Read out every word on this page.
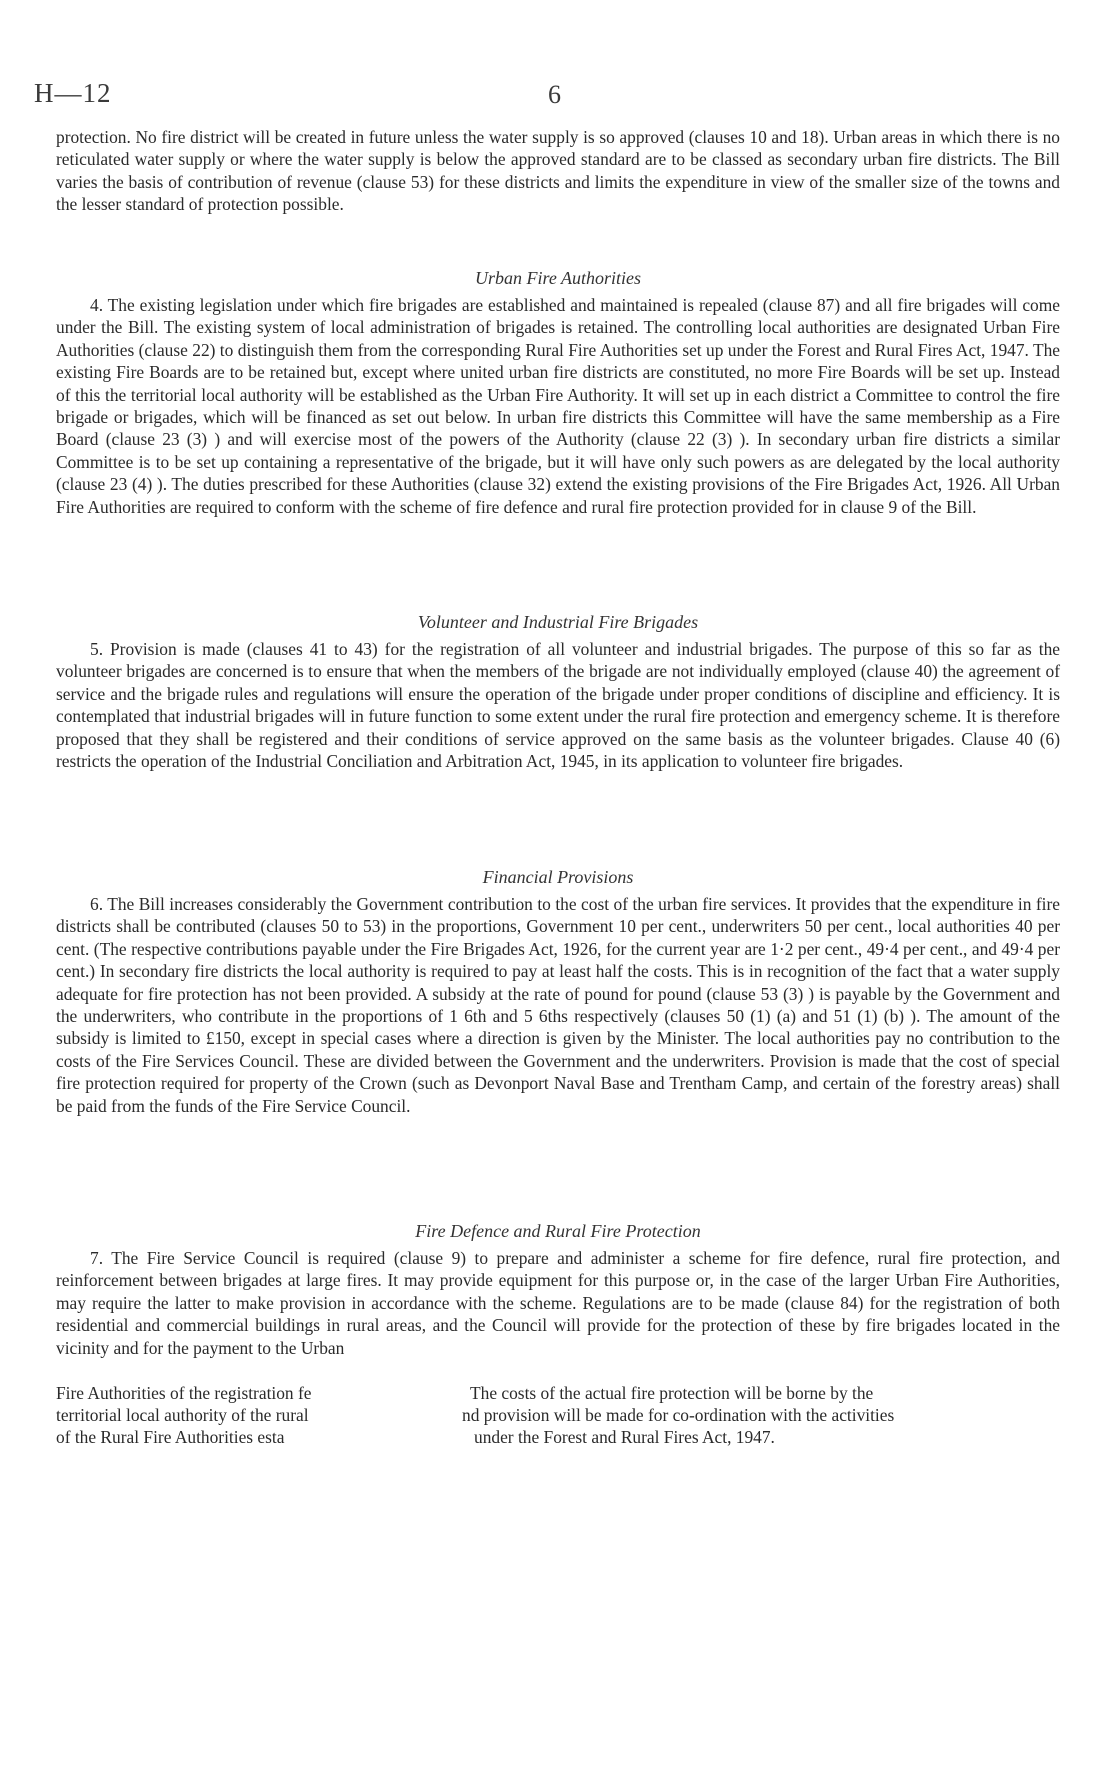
H—12	6

protection. No fire district will be created in future unless the water supply is so approved (clauses 10 and 18). Urban areas in which there is no reticulated water supply or where the water supply is below the approved standard are to be classed as secondary urban fire districts. The Bill varies the basis of contribution of revenue (clause 53) for these districts and limits the expenditure in view of the smaller size of the towns and the lesser standard of protection possible.

Urban Fire Authorities

4. The existing legislation under which fire brigades are established and maintained is repealed (clause 87) and all fire brigades will come under the Bill. The existing system of local administration of brigades is retained. The controlling local authorities are designated Urban Fire Authorities (clause 22) to distinguish them from the corresponding Rural Fire Authorities set up under the Forest and Rural Fires Act, 1947. The existing Fire Boards are to be retained but, except where united urban fire districts are constituted, no more Fire Boards will be set up. Instead of this the territorial local authority will be established as the Urban Fire Authority. It will set up in each district a Committee to control the fire brigade or brigades, which will be financed as set out below. In urban fire districts this Committee will have the same membership as a Fire Board (clause 23 (3) ) and will exercise most of the powers of the Authority (clause 22 (3) ). In secondary urban fire districts a similar Committee is to be set up containing a representative of the brigade, but it will have only such powers as are delegated by the local authority (clause 23 (4) ). The duties prescribed for these Authorities (clause 32) extend the existing provisions of the Fire Brigades Act, 1926. All Urban Fire Authorities are required to conform with the scheme of fire defence and rural fire protection provided for in clause 9 of the Bill.

Volunteer and Industrial Fire Brigades

5. Provision is made (clauses 41 to 43) for the registration of all volunteer and industrial brigades. The purpose of this so far as the volunteer brigades are concerned is to ensure that when the members of the brigade are not individually employed (clause 40) the agreement of service and the brigade rules and regulations will ensure the operation of the brigade under proper conditions of discipline and efficiency. It is contemplated that industrial brigades will in future function to some extent under the rural fire protection and emergency scheme. It is therefore proposed that they shall be registered and their conditions of service approved on the same basis as the volunteer brigades. Clause 40 (6) restricts the operation of the Industrial Conciliation and Arbitration Act, 1945, in its application to volunteer fire brigades.

Financial Provisions

6. The Bill increases considerably the Government contribution to the cost of the urban fire services. It provides that the expenditure in fire districts shall be contributed (clauses 50 to 53) in the proportions, Government 10 per cent., underwriters 50 per cent., local authorities 40 per cent. (The respective contributions payable under the Fire Brigades Act, 1926, for the current year are 1·2 per cent., 49·4 per cent., and 49·4 per cent.) In secondary fire districts the local authority is required to pay at least half the costs. This is in recognition of the fact that a water supply adequate for fire protection has not been provided. A subsidy at the rate of pound for pound (clause 53 (3) ) is payable by the Government and the underwriters, who contribute in the proportions of 1 6th and 5 6ths respectively (clauses 50 (1) (a) and 51 (1) (b) ). The amount of the subsidy is limited to £150, except in special cases where a direction is given by the Minister. The local authorities pay no contribution to the costs of the Fire Services Council. These are divided between the Government and the underwriters. Provision is made that the cost of special fire protection required for property of the Crown (such as Devonport Naval Base and Trentham Camp, and certain of the forestry areas) shall be paid from the funds of the Fire Service Council.

Fire Defence and Rural Fire Protection

7. The Fire Service Council is required (clause 9) to prepare and administer a scheme for fire defence, rural fire protection, and reinforcement between brigades at large fires. It may provide equipment for this purpose or, in the case of the larger Urban Fire Authorities, may require the latter to make provision in accordance with the scheme. Regulations are to be made (clause 84) for the registration of both residential and commercial buildings in rural areas, and the Council will provide for the protection of these by fire brigades located in the vicinity and for the payment to the Urban

Fire Authorities of the registration fe

territorial local authority of the rural

of the Rural Fire Authorities esta

The costs of the actual fire protection will be borne by the

nd provision will be made for co-ordination with the activities

under the Forest and Rural Fires Act, 1947.
